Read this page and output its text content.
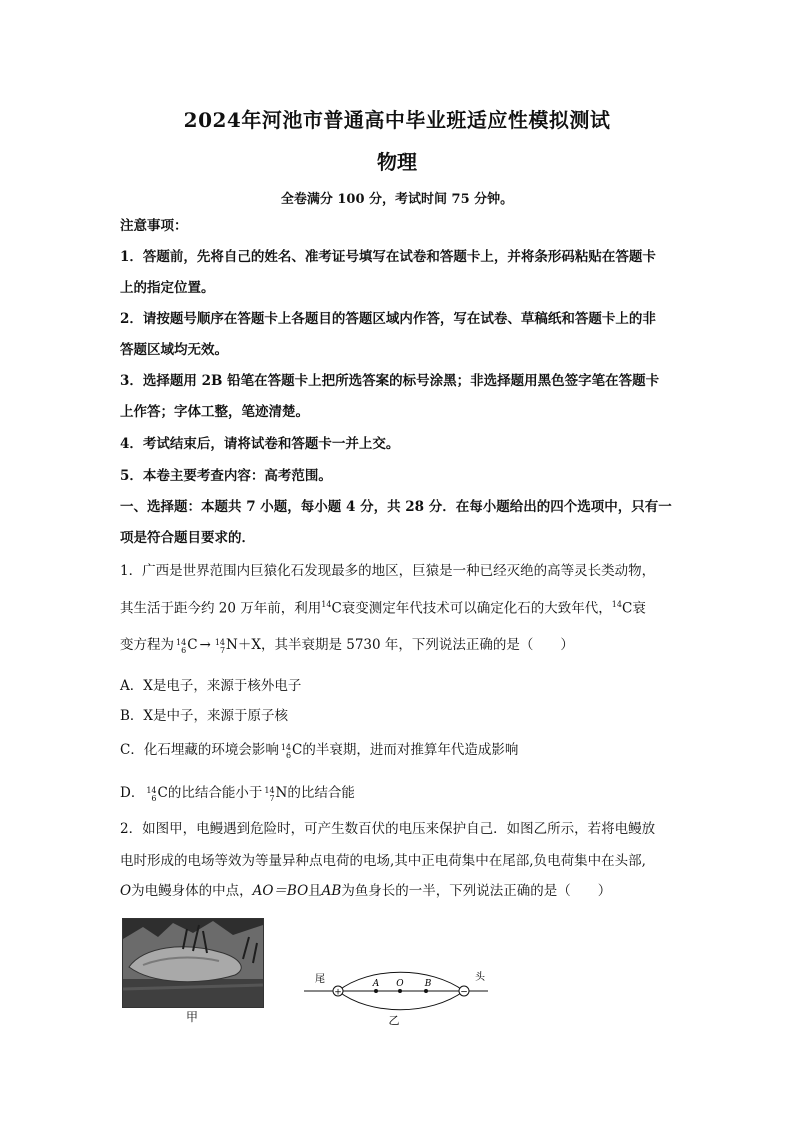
2024年河池市普通高中毕业班适应性模拟测试
物理
全卷满分 100 分，考试时间 75 分钟。
注意事项：
1．答题前，先将自己的姓名、准考证号填写在试卷和答题卡上，并将条形码粘贴在答题卡
上的指定位置。
2．请按题号顺序在答题卡上各题目的答题区域内作答，写在试卷、草稿纸和答题卡上的非
答题区域均无效。
3．选择题用 2B 铅笔在答题卡上把所选答案的标号涂黑；非选择题用黑色签字笔在答题卡
上作答；字体工整，笔迹清楚。
4．考试结束后，请将试卷和答题卡一并上交。
5．本卷主要考查内容：高考范围。
一、选择题：本题共 7 小题，每小题 4 分，共 28 分．在每小题给出的四个选项中，只有一
项是符合题目要求的．
1．广西是世界范围内巨猿化石发现最多的地区，巨猿是一种已经灭绝的高等灵长类动物，
其生活于距今约 20 万年前，利用$^{14}$C衰变测定年代技术可以确定化石的大致年代，$^{14}$C衰
变方程为 14
6 C → 14
7 N＋X，其半衰期是 5730 年，下列说法正确的是（　　）
A．X是电子，来源于核外电子
B．X是中子，来源于原子核
C．化石埋藏的环境会影响 14
6 C的半衰期，进而对推算年代造成影响
D． 14
6 C的比结合能小于 14
7 N的比结合能
2．如图甲，电鳗遇到危险时，可产生数百伏的电压来保护自己．如图乙所示，若将电鳗放
电时形成的电场等效为等量异种点电荷的电场,其中正电荷集中在尾部,负电荷集中在头部,
O为电鳗身体的中点，AO＝BO且AB为鱼身长的一半，下列说法正确的是（　　）
甲
+	−
尾	头
A O B
乙
